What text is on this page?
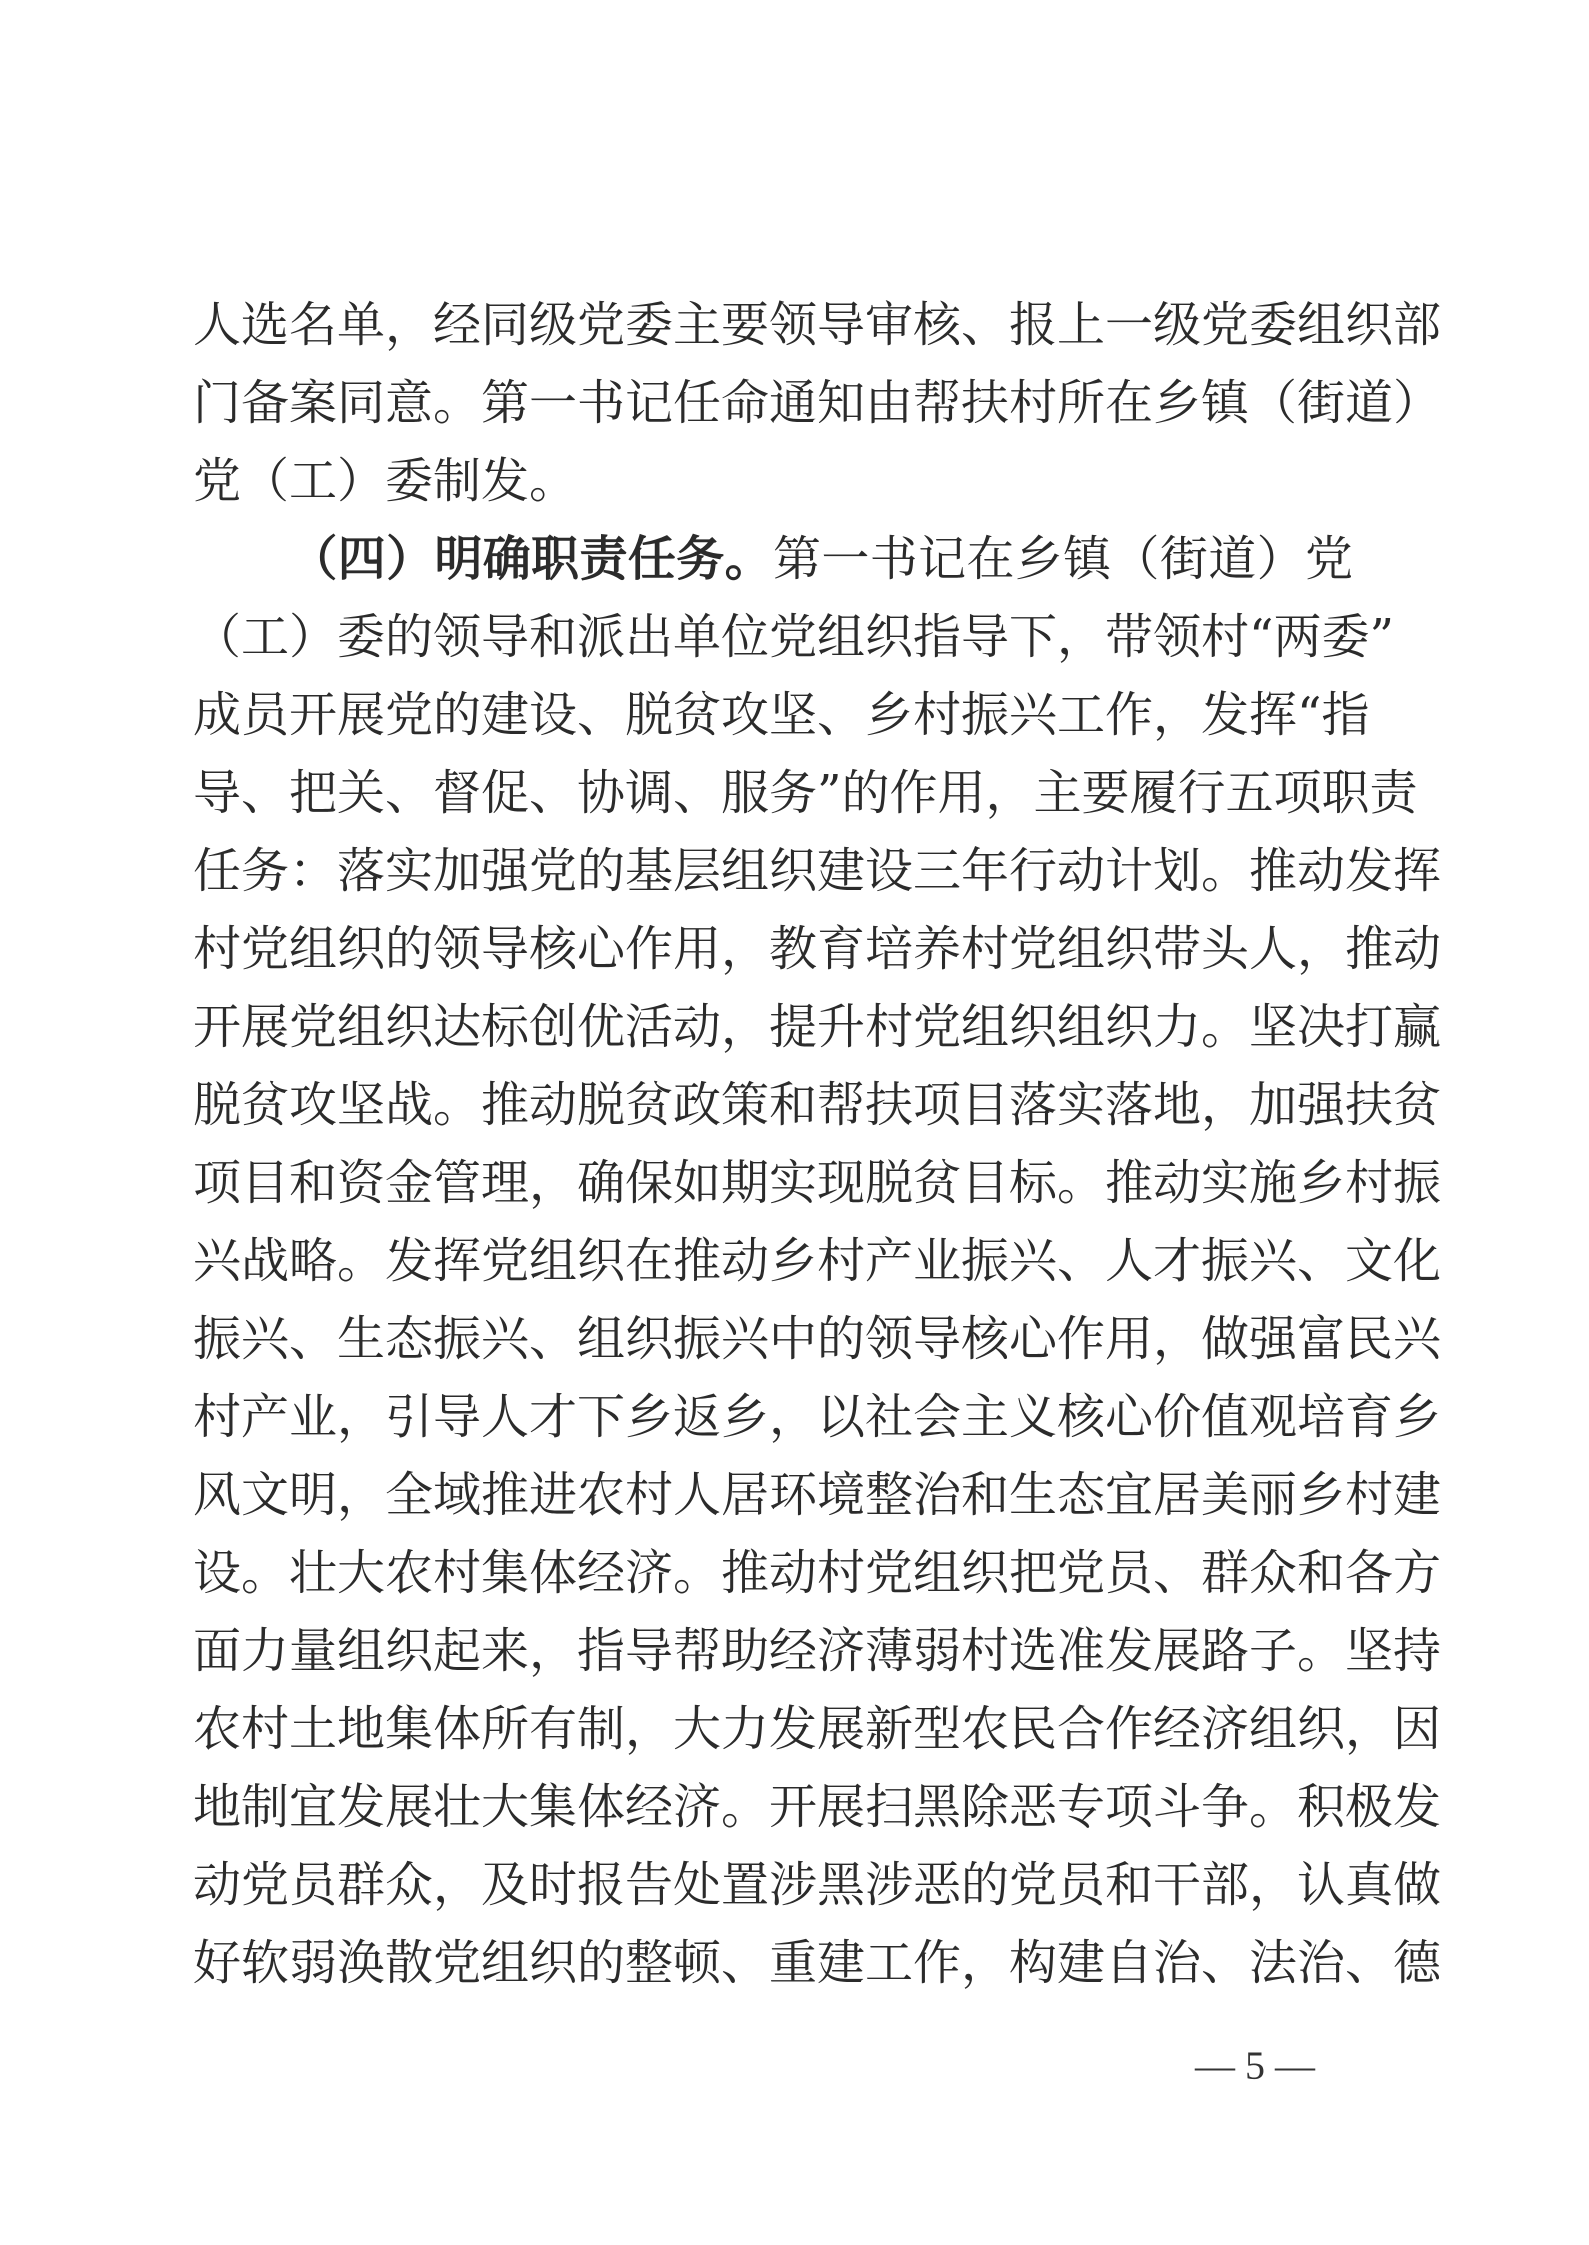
人选名单，经同级党委主要领导审核、报上一级党委组织部
门备案同意。第一书记任命通知由帮扶村所在乡镇（街道）
党（工）委制发。
（四）明确职责任务。第一书记在乡镇（街道）党
（工）委的领导和派出单位党组织指导下，带领村“两委”
成员开展党的建设、脱贫攻坚、乡村振兴工作，发挥“指
导、把关、督促、协调、服务”的作用，主要履行五项职责
任务：落实加强党的基层组织建设三年行动计划。推动发挥
村党组织的领导核心作用，教育培养村党组织带头人，推动
开展党组织达标创优活动，提升村党组织组织力。坚决打赢
脱贫攻坚战。推动脱贫政策和帮扶项目落实落地，加强扶贫
项目和资金管理，确保如期实现脱贫目标。推动实施乡村振
兴战略。发挥党组织在推动乡村产业振兴、人才振兴、文化
振兴、生态振兴、组织振兴中的领导核心作用，做强富民兴
村产业，引导人才下乡返乡，以社会主义核心价值观培育乡
风文明，全域推进农村人居环境整治和生态宜居美丽乡村建
设。壮大农村集体经济。推动村党组织把党员、群众和各方
面力量组织起来，指导帮助经济薄弱村选准发展路子。坚持
农村土地集体所有制，大力发展新型农民合作经济组织，因
地制宜发展壮大集体经济。开展扫黑除恶专项斗争。积极发
动党员群众，及时报告处置涉黑涉恶的党员和干部，认真做
好软弱涣散党组织的整顿、重建工作，构建自治、法治、德
— 5 —
